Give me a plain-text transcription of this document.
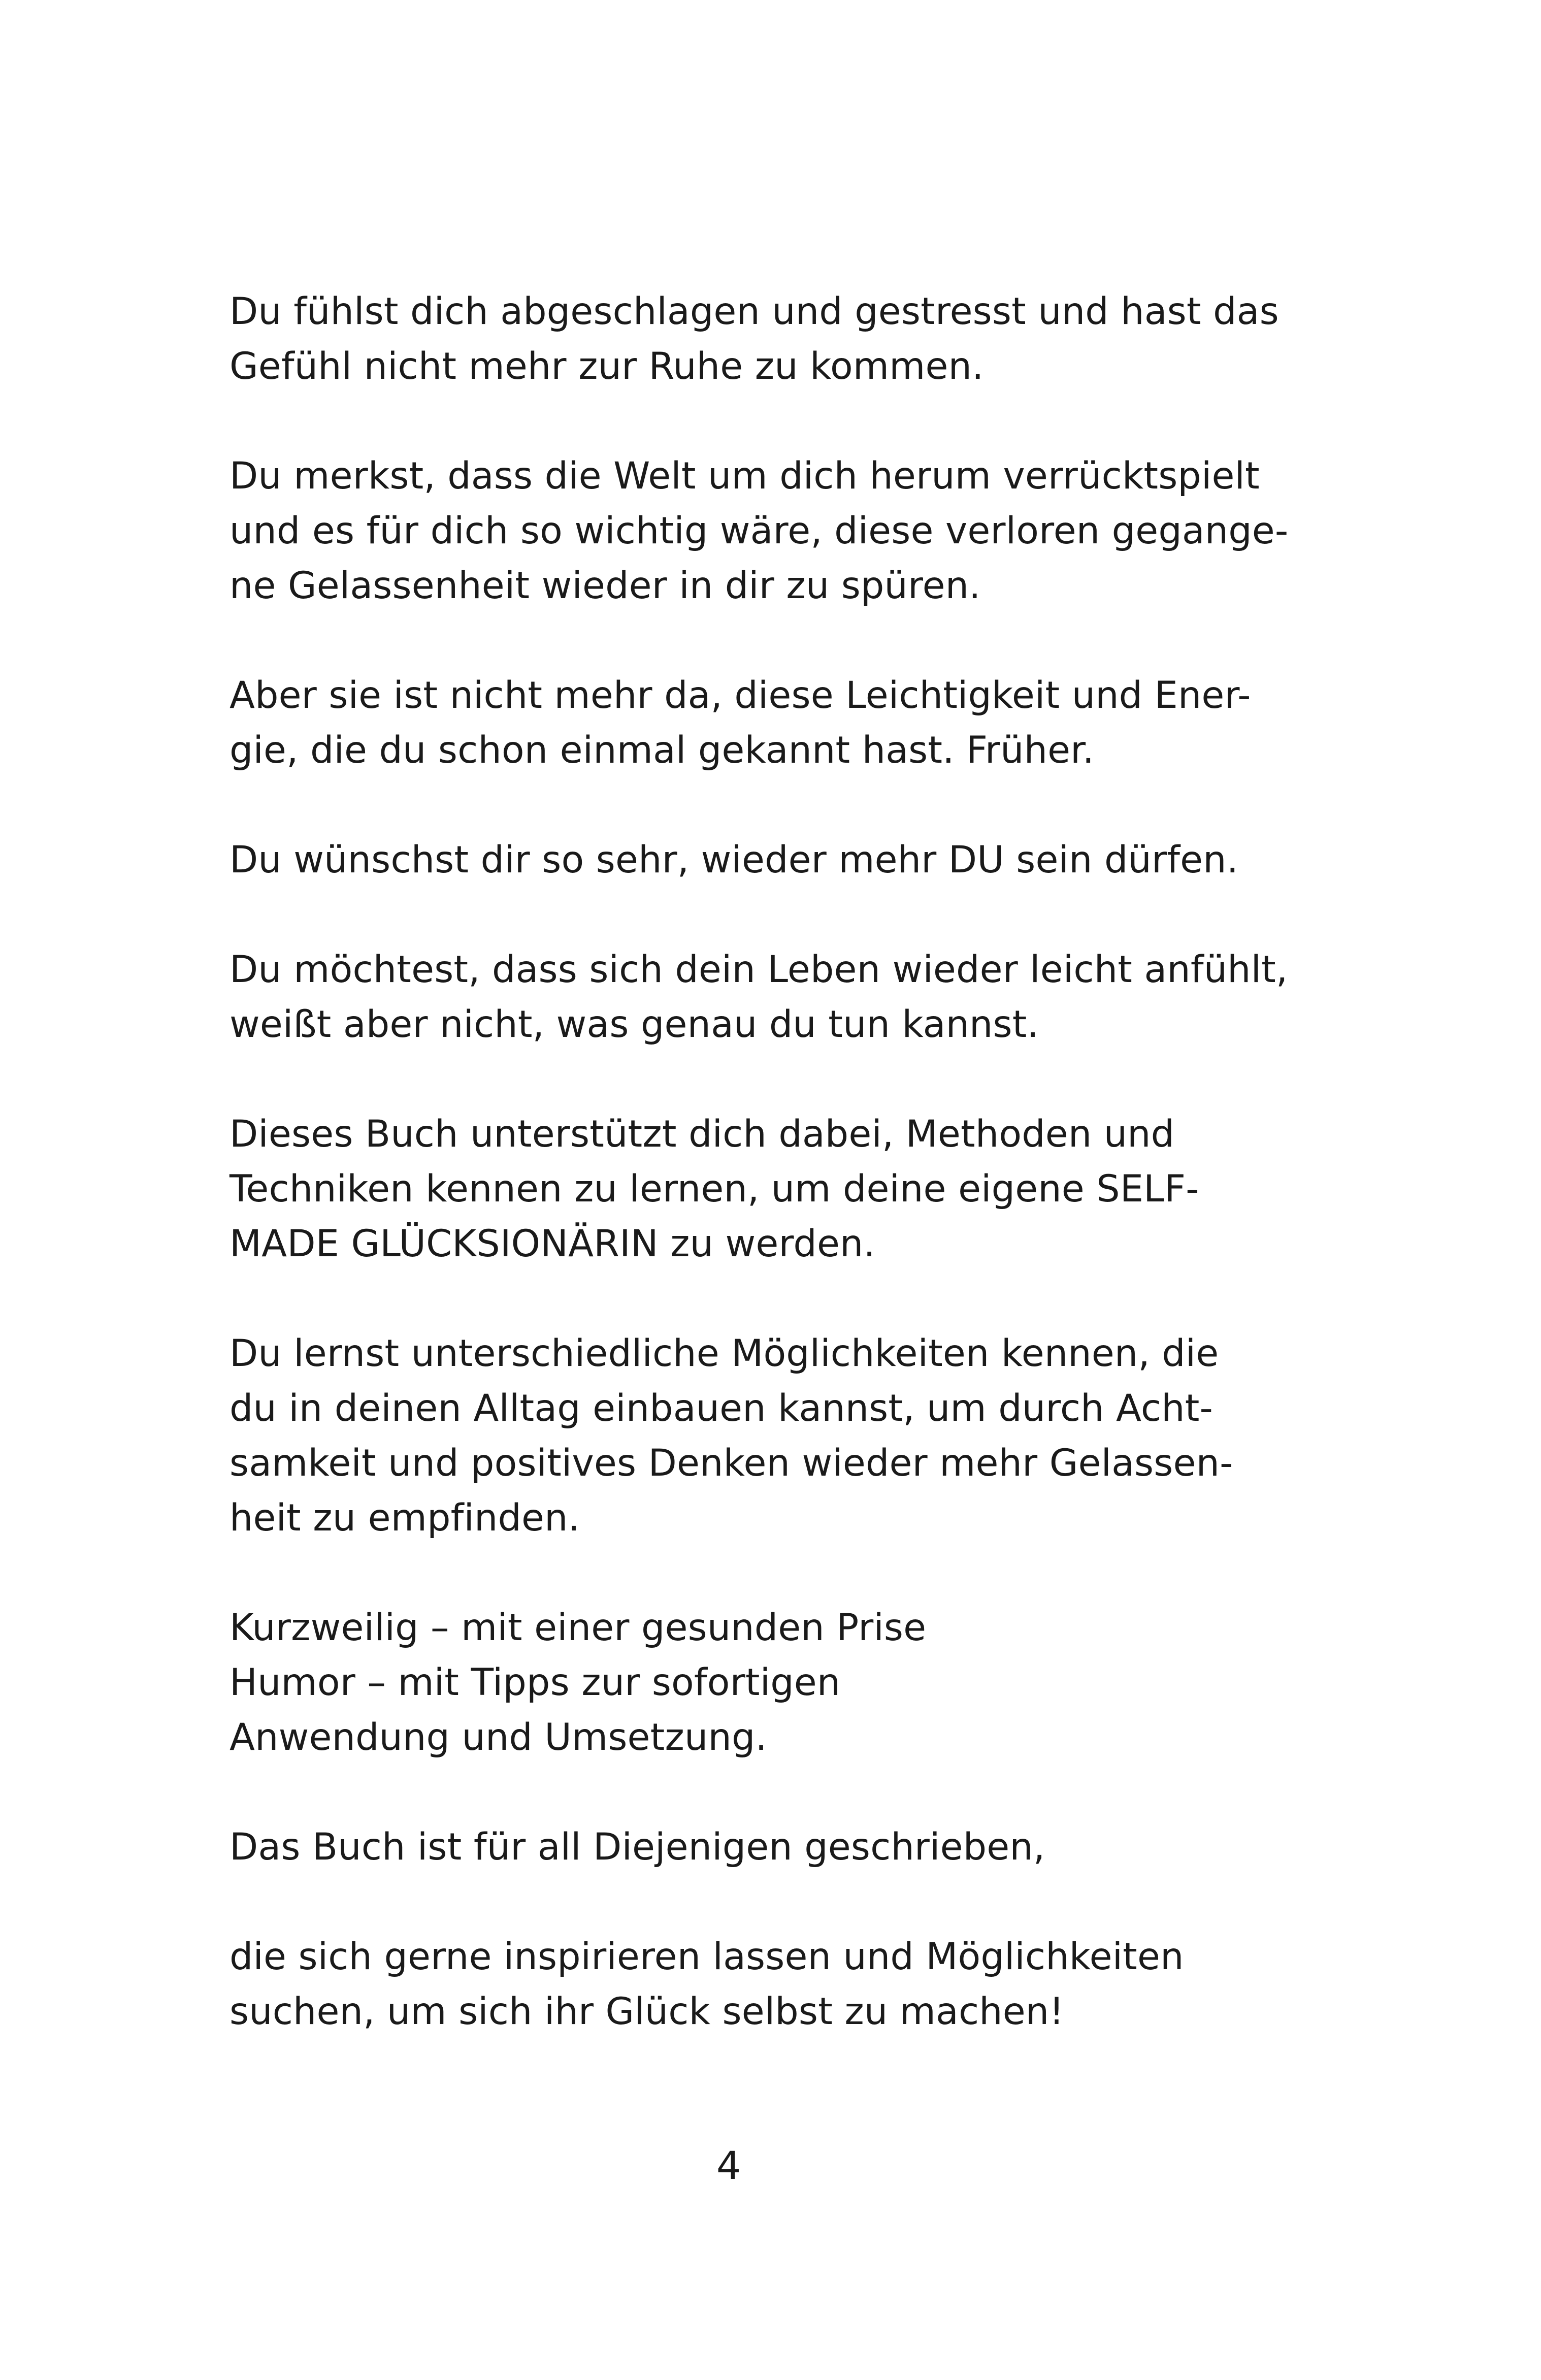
Du fühlst dich abgeschlagen und gestresst und hast das
Gefühl nicht mehr zur Ruhe zu kommen.

Du merkst, dass die Welt um dich herum verrücktspielt
und es für dich so wichtig wäre, diese verloren gegange-
ne Gelassenheit wieder in dir zu spüren.

Aber sie ist nicht mehr da, diese Leichtigkeit und Ener-
gie, die du schon einmal gekannt hast. Früher.

Du wünschst dir so sehr, wieder mehr DU sein dürfen.

Du möchtest, dass sich dein Leben wieder leicht anfühlt,
weißt aber nicht, was genau du tun kannst.

Dieses Buch unterstützt dich dabei, Methoden und
Techniken kennen zu lernen, um deine eigene SELF-
MADE GLÜCKSIONÄRIN zu werden.

Du lernst unterschiedliche Möglichkeiten kennen, die
du in deinen Alltag einbauen kannst, um durch Acht-
samkeit und positives Denken wieder mehr Gelassen-
heit zu empfinden.

Kurzweilig – mit einer gesunden Prise
Humor – mit Tipps zur sofortigen
Anwendung und Umsetzung.

Das Buch ist für all Diejenigen geschrieben,

die sich gerne inspirieren lassen und Möglichkeiten
suchen, um sich ihr Glück selbst zu machen!

4
